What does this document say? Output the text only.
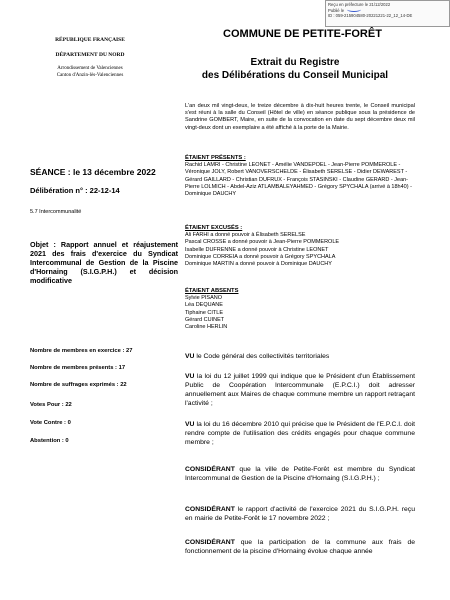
Reçu en préfecture le 21/12/2022
Publié le
ID : 059-215904580-20221221-22_12_14-DE
RÉPUBLIQUE FRANÇAISE
DÉPARTEMENT DU NORD
Arrondissement de Valenciennes
Canton d'Anzin-lès-Valenciennes
COMMUNE DE PETITE-FORÊT
Extrait du Registre
des Délibérations du Conseil Municipal
L'an deux mil vingt-deux, le treize décembre à dix-huit heures trente, le Conseil municipal s'est réuni à la salle du Conseil (Hôtel de ville) en séance publique sous la présidence de Sandrine GOMBERT, Maire, en suite de la convocation en date du sept décembre deux mil vingt-deux dont un exemplaire a été affiché à la porte de la Mairie.
SÉANCE : le 13 décembre 2022
Délibération n° : 22-12-14
5.7 Intercommunalité
Objet : Rapport annuel et réajustement 2021 des frais d'exercice du Syndicat Intercommunal de Gestion de la Piscine d'Hornaing (S.I.G.P.H.) et décision modificative
Nombre de membres en exercice : 27
Nombre de membres présents : 17
Nombre de suffrages exprimés : 22
Votes Pour : 22
Vote Contre : 0
Abstention : 0
ÉTAIENT PRÉSENTS :
Rachid LAMRI - Christine LEONET - Amélie VANDEPOEL - Jean-Pierre POMMEROLE - Véronique JOLY, Robert VANOVERSCHELDE - Élisabeth SERELSE - Didier DEWAREST - Gérard GAILLARD - Christian DUFRUX - François STASINSKI - Claudine GERARD - Jean-Pierre LOLMICH - Abdel-Aziz ATLAMBALEYAHMED - Grégory SPYCHALA (arrivé à 18h40) - Dominique DAUCHY
ÉTAIENT EXCUSÉS :
Ali FARHI a donné pouvoir à Élisabeth SERELSE
Pascal CROSSE a donné pouvoir à Jean-Pierre POMMEROLE
Isabelle DUFRENNE a donné pouvoir à Christine LEONET
Dominique CORREIA a donné pouvoir à Grégory SPYCHALA
Dominique MARTIN a donné pouvoir à Dominique DAUCHY
ÉTAIENT ABSENTS
Sylvie PISANO
Léa DEQUANE
Tiphaine CITLE
Gérard CUINET
Caroline HERLIN
VU le Code général des collectivités territoriales
VU la loi du 12 juillet 1999 qui indique que le Président d'un Établissement Public de Coopération Intercommunale (E.P.C.I.) doit adresser annuellement aux Maires de chaque commune membre un rapport retraçant l'activité ;
VU la loi du 16 décembre 2010 qui précise que le Président de l'E.P.C.I. doit rendre compte de l'utilisation des crédits engagés pour chaque commune membre ;
CONSIDÉRANT que la ville de Petite-Forêt est membre du Syndicat Intercommunal de Gestion de la Piscine d'Hornaing (S.I.G.P.H.) ;
CONSIDÉRANT le rapport d'activité de l'exercice 2021 du S.I.G.P.H. reçu en mairie de Petite-Forêt le 17 novembre 2022 ;
CONSIDÉRANT que la participation de la commune aux frais de fonctionnement de la piscine d'Hornaing évolue chaque année
